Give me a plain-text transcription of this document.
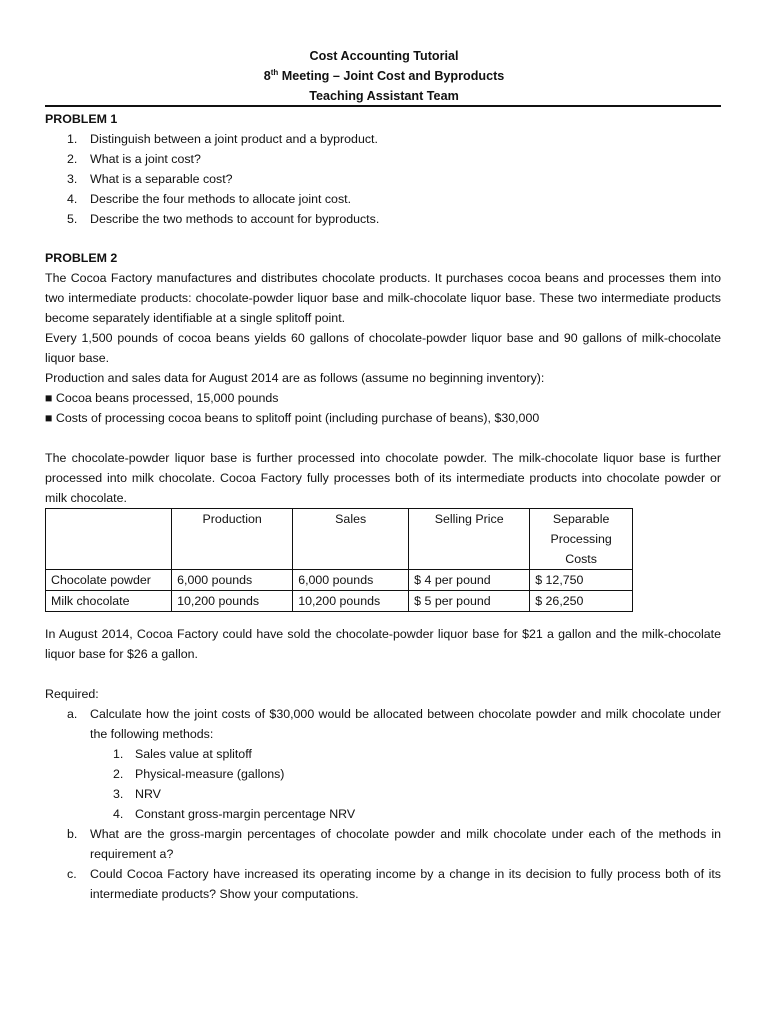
Cost Accounting Tutorial
8th Meeting – Joint Cost and Byproducts
Teaching Assistant Team
PROBLEM 1
1. Distinguish between a joint product and a byproduct.
2. What is a joint cost?
3. What is a separable cost?
4. Describe the four methods to allocate joint cost.
5. Describe the two methods to account for byproducts.
PROBLEM 2
The Cocoa Factory manufactures and distributes chocolate products. It purchases cocoa beans and processes them into two intermediate products: chocolate-powder liquor base and milk-chocolate liquor base. These two intermediate products become separately identifiable at a single splitoff point.
Every 1,500 pounds of cocoa beans yields 60 gallons of chocolate-powder liquor base and 90 gallons of milk-chocolate liquor base.
Production and sales data for August 2014 are as follows (assume no beginning inventory):
■ Cocoa beans processed, 15,000 pounds
■ Costs of processing cocoa beans to splitoff point (including purchase of beans), $30,000
The chocolate-powder liquor base is further processed into chocolate powder. The milk-chocolate liquor base is further processed into milk chocolate. Cocoa Factory fully processes both of its intermediate products into chocolate powder or milk chocolate.
	Production	Sales	Selling Price	Separable Processing Costs
Chocolate powder	6,000 pounds	6,000 pounds	$ 4 per pound	$ 12,750
Milk chocolate	10,200 pounds	10,200 pounds	$ 5 per pound	$ 26,250
In August 2014, Cocoa Factory could have sold the chocolate-powder liquor base for $21 a gallon and the milk-chocolate liquor base for $26 a gallon.
Required:
a. Calculate how the joint costs of $30,000 would be allocated between chocolate powder and milk chocolate under the following methods:
1. Sales value at splitoff
2. Physical-measure (gallons)
3. NRV
4. Constant gross-margin percentage NRV
b. What are the gross-margin percentages of chocolate powder and milk chocolate under each of the methods in requirement a?
c. Could Cocoa Factory have increased its operating income by a change in its decision to fully process both of its intermediate products? Show your computations.
